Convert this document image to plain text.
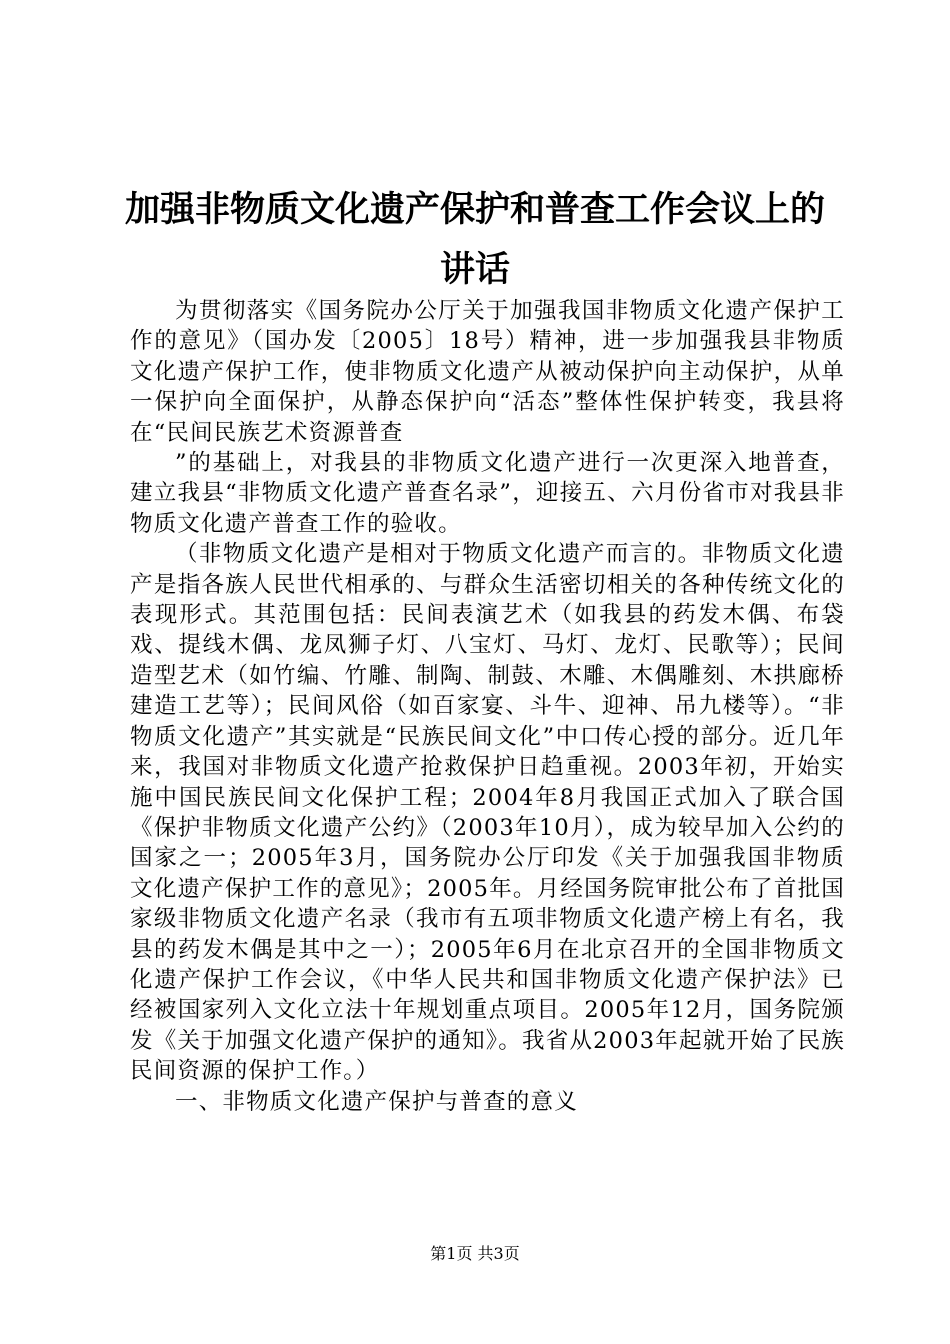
加强非物质文化遗产保护和普查工作会议上的
讲话

为贯彻落实《国务院办公厅关于加强我国非物质文化遗产保护工作的意见》（国办发〔2005〕18号）精神，进一步加强我县非物质文化遗产保护工作，使非物质文化遗产从被动保护向主动保护，从单一保护向全面保护，从静态保护向“活态”整体性保护转变，我县将在“民间民族艺术资源普查

”的基础上，对我县的非物质文化遗产进行一次更深入地普查，建立我县“非物质文化遗产普查名录”，迎接五、六月份省市对我县非物质文化遗产普查工作的验收。

（非物质文化遗产是相对于物质文化遗产而言的。非物质文化遗产是指各族人民世代相承的、与群众生活密切相关的各种传统文化的表现形式。其范围包括：民间表演艺术（如我县的药发木偶、布袋戏、提线木偶、龙凤狮子灯、八宝灯、马灯、龙灯、民歌等）；民间造型艺术（如竹编、竹雕、制陶、制鼓、木雕、木偶雕刻、木拱廊桥建造工艺等）；民间风俗（如百家宴、斗牛、迎神、吊九楼等）。“非物质文化遗产”其实就是“民族民间文化”中口传心授的部分。近几年来，我国对非物质文化遗产抢救保护日趋重视。2003年初，开始实施中国民族民间文化保护工程；2004年8月我国正式加入了联合国《保护非物质文化遗产公约》（2003年10月），成为较早加入公约的国家之一；2005年3月，国务院办公厅印发《关于加强我国非物质文化遗产保护工作的意见》；2005年。月经国务院审批公布了首批国家级非物质文化遗产名录（我市有五项非物质文化遗产榜上有名，我县的药发木偶是其中之一）；2005年6月在北京召开的全国非物质文化遗产保护工作会议，《中华人民共和国非物质文化遗产保护法》已经被国家列入文化立法十年规划重点项目。2005年12月，国务院颁发《关于加强文化遗产保护的通知》。我省从2003年起就开始了民族民间资源的保护工作。）

一、非物质文化遗产保护与普查的意义

第1页 共3页
